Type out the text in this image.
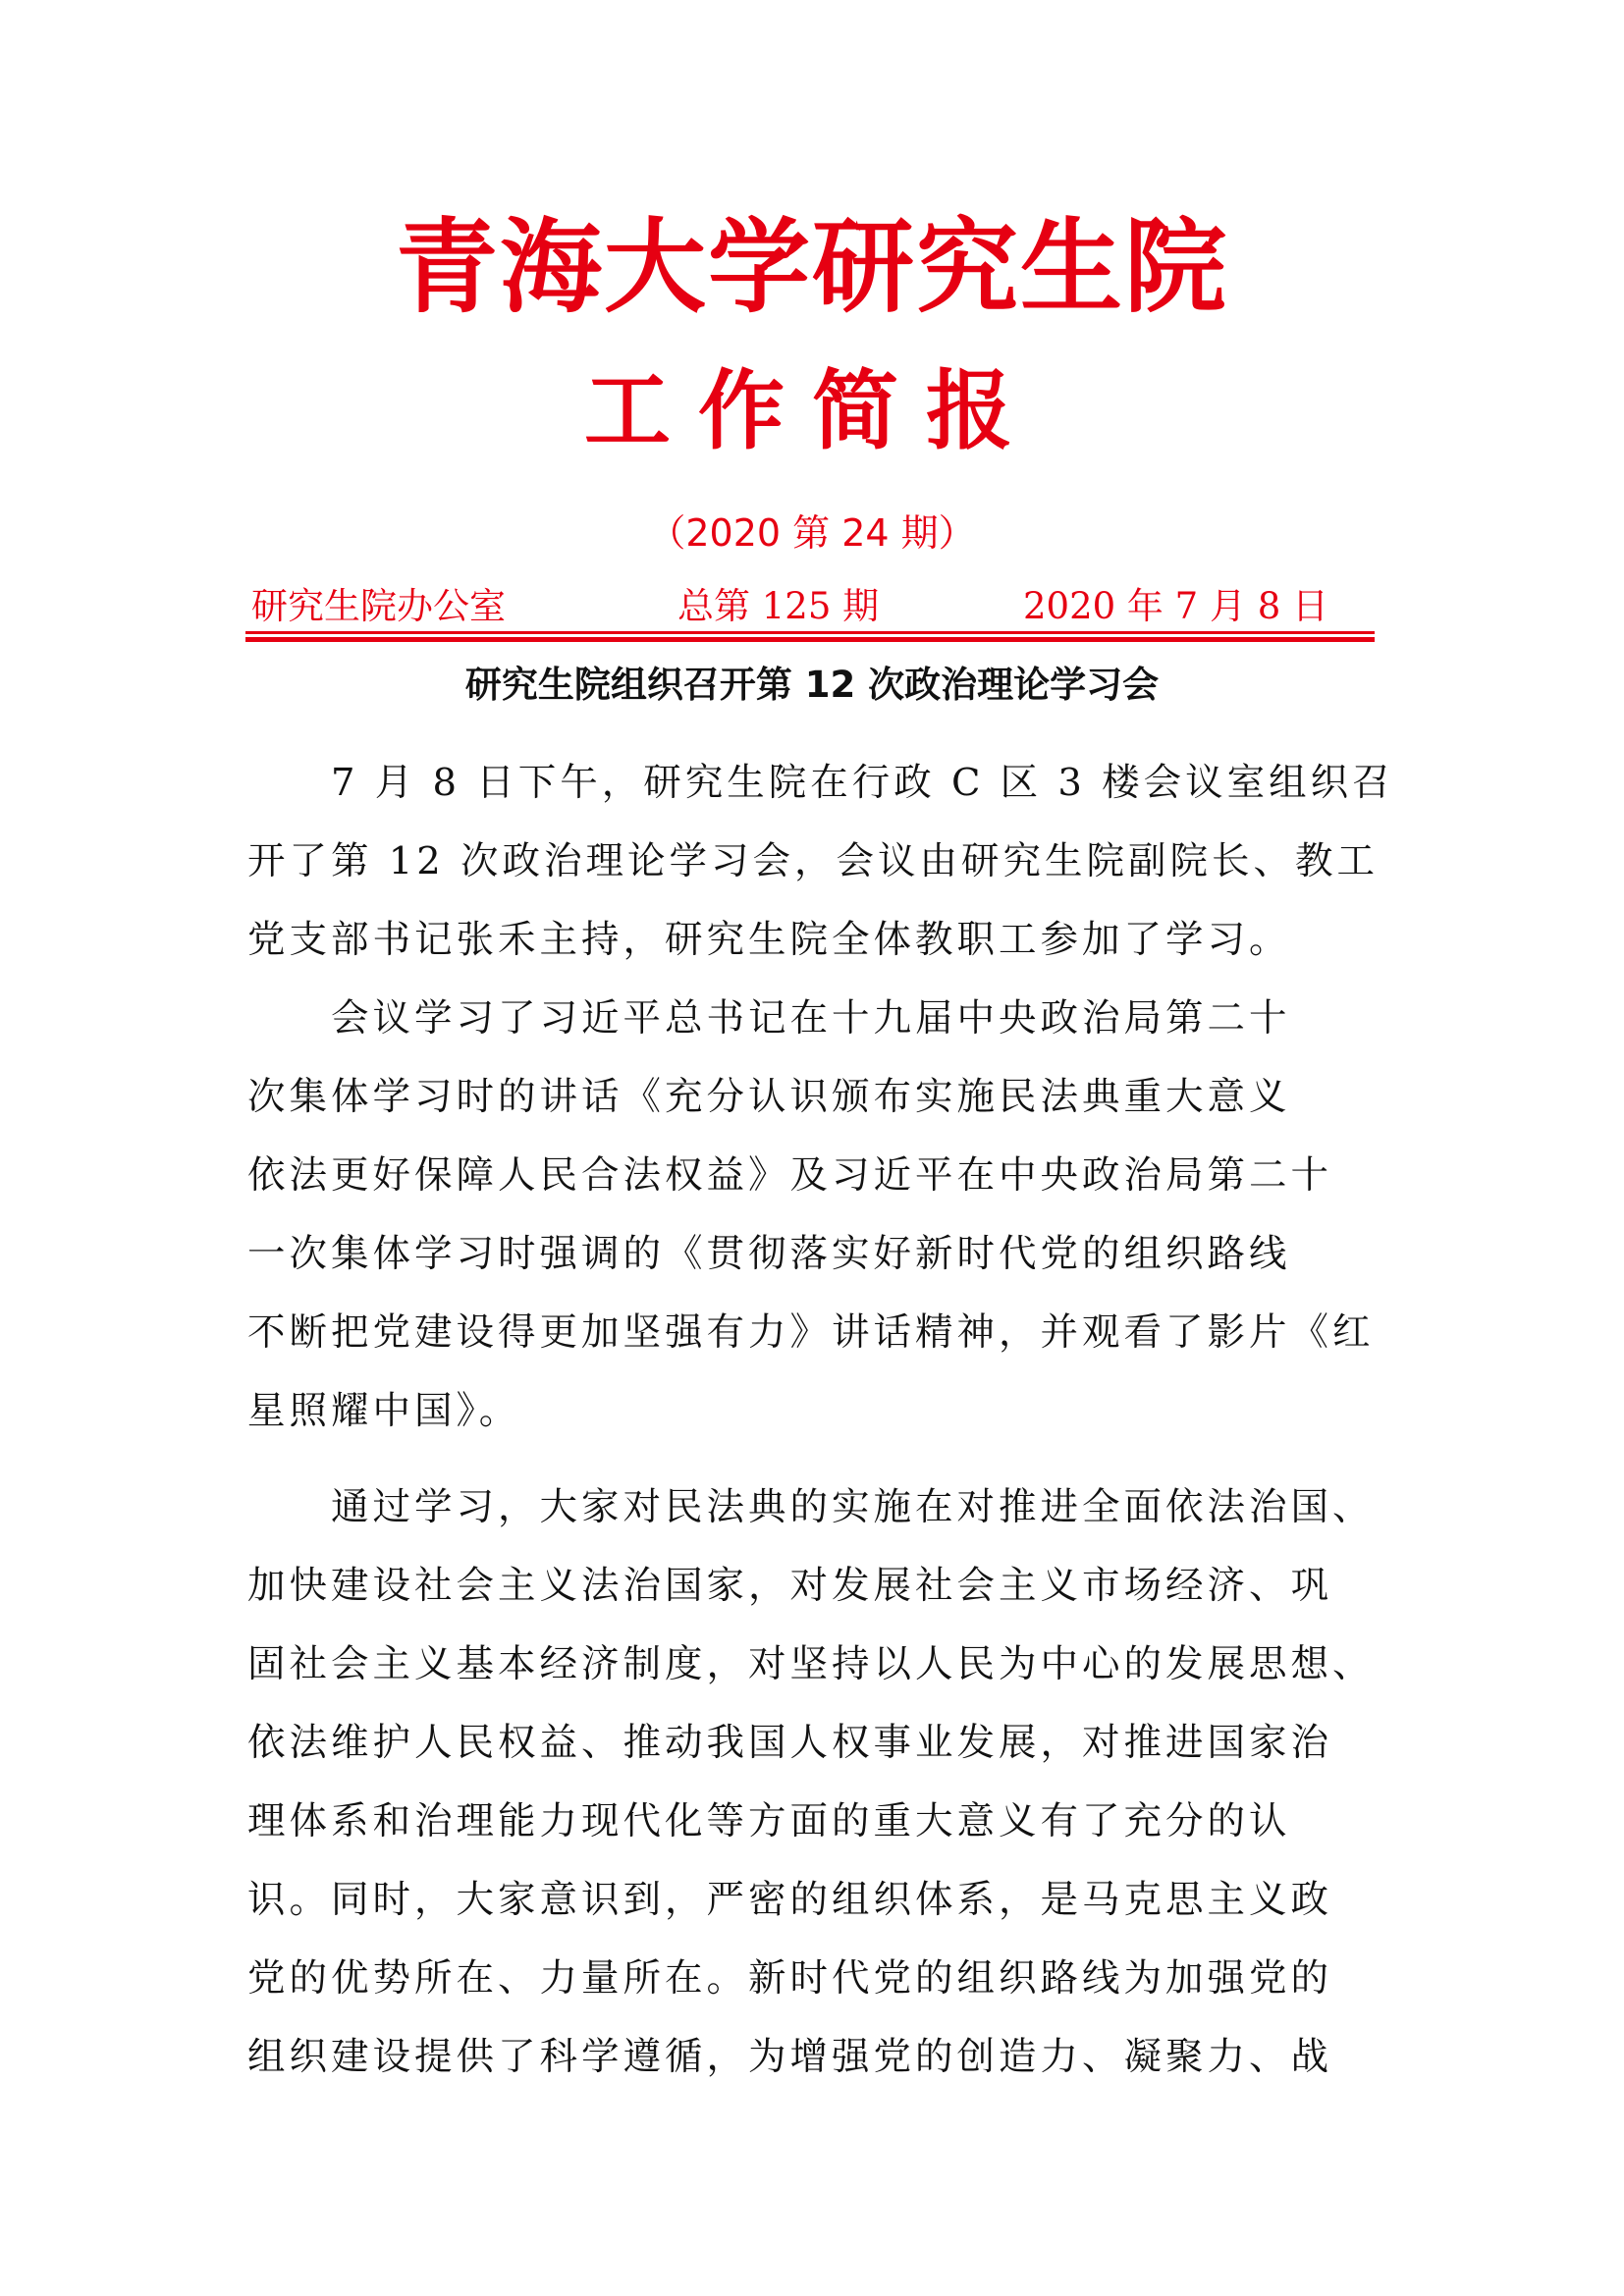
青海大学研究生院
工作简报
（2020 第 24 期）
研究生院办公室	总第 125 期	2020 年 7 月 8 日
研究生院组织召开第 12 次政治理论学习会

　　7 月 8 日下午，研究生院在行政 C 区 3 楼会议室组织召
开了第 12 次政治理论学习会，会议由研究生院副院长、教工
党支部书记张禾主持，研究生院全体教职工参加了学习。

　　会议学习了习近平总书记在十九届中央政治局第二十
次集体学习时的讲话《充分认识颁布实施民法典重大意义
依法更好保障人民合法权益》及习近平在中央政治局第二十
一次集体学习时强调的《贯彻落实好新时代党的组织路线
不断把党建设得更加坚强有力》讲话精神，并观看了影片《红
星照耀中国》。

　　通过学习，大家对民法典的实施在对推进全面依法治国、
加快建设社会主义法治国家，对发展社会主义市场经济、巩
固社会主义基本经济制度，对坚持以人民为中心的发展思想、
依法维护人民权益、推动我国人权事业发展，对推进国家治
理体系和治理能力现代化等方面的重大意义有了充分的认
识。同时，大家意识到，严密的组织体系，是马克思主义政
党的优势所在、力量所在。新时代党的组织路线为加强党的
组织建设提供了科学遵循，为增强党的创造力、凝聚力、战
